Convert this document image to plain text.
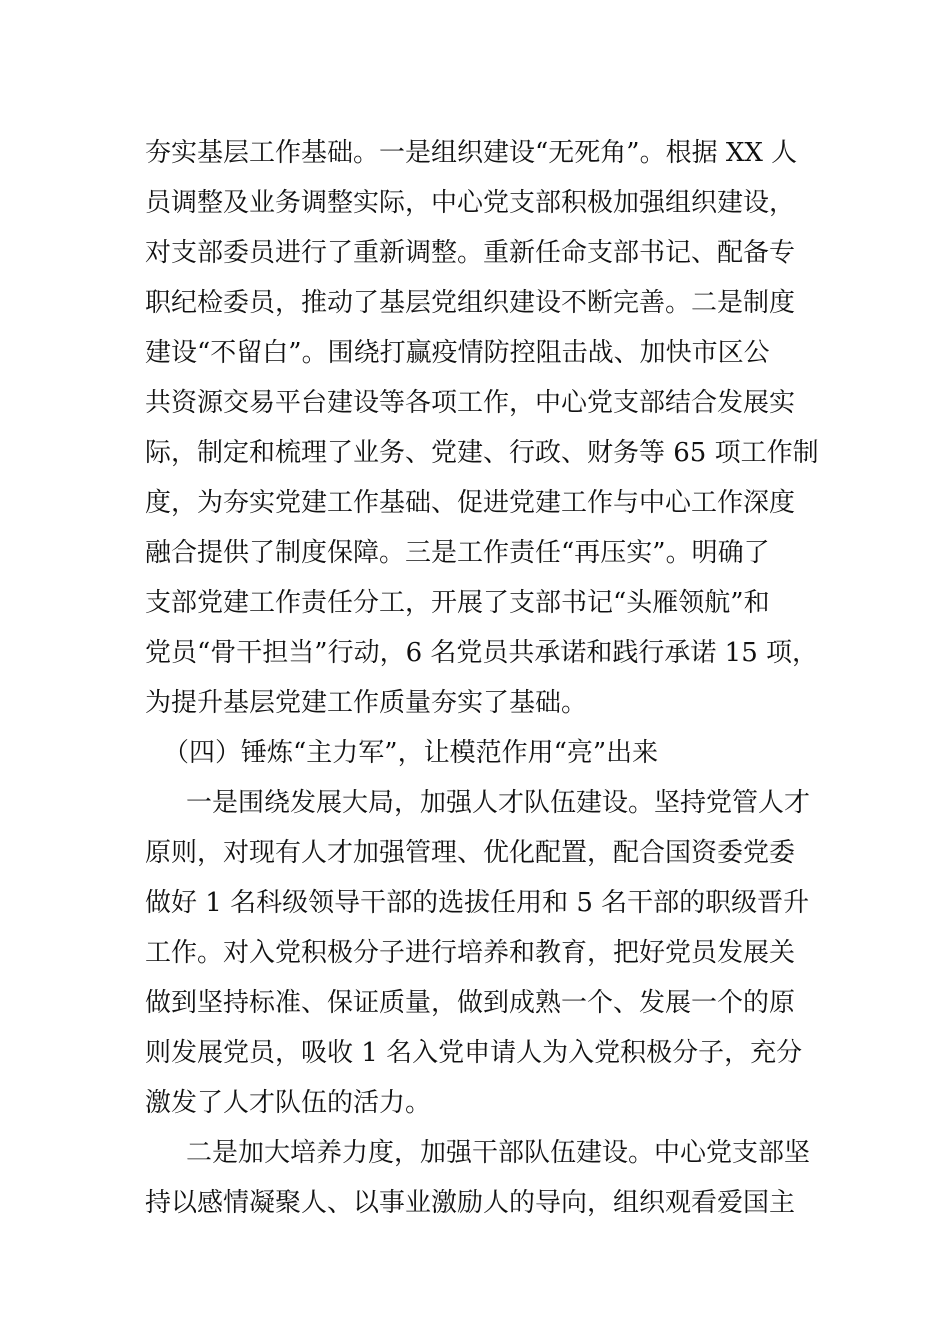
夯实基层工作基础。一是组织建设“无死角”。根据 XX 人
员调整及业务调整实际，中心党支部积极加强组织建设，
对支部委员进行了重新调整。重新任命支部书记、配备专
职纪检委员，推动了基层党组织建设不断完善。二是制度
建设“不留白”。围绕打赢疫情防控阻击战、加快市区公
共资源交易平台建设等各项工作，中心党支部结合发展实
际，制定和梳理了业务、党建、行政、财务等 65 项工作制
度，为夯实党建工作基础、促进党建工作与中心工作深度
融合提供了制度保障。三是工作责任“再压实”。明确了
支部党建工作责任分工，开展了支部书记“头雁领航”和
党员“骨干担当”行动，6 名党员共承诺和践行承诺 15 项，
为提升基层党建工作质量夯实了基础。
（四）锤炼“主力军”，让模范作用“亮”出来
一是围绕发展大局，加强人才队伍建设。坚持党管人才
原则，对现有人才加强管理、优化配置，配合国资委党委
做好 1 名科级领导干部的选拔任用和 5 名干部的职级晋升
工作。对入党积极分子进行培养和教育，把好党员发展关
做到坚持标准、保证质量，做到成熟一个、发展一个的原
则发展党员，吸收 1 名入党申请人为入党积极分子，充分
激发了人才队伍的活力。
二是加大培养力度，加强干部队伍建设。中心党支部坚
持以感情凝聚人、以事业激励人的导向，组织观看爱国主
